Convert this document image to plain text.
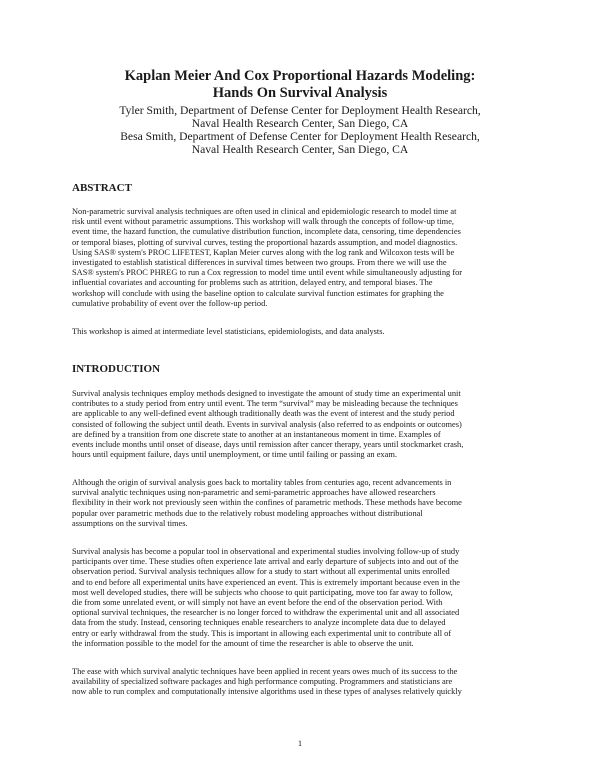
Kaplan Meier And Cox Proportional Hazards Modeling:
Hands On Survival Analysis
Tyler Smith, Department of Defense Center for Deployment Health Research,
Naval Health Research Center, San Diego, CA
Besa Smith, Department of Defense Center for Deployment Health Research,
Naval Health Research Center, San Diego, CA
ABSTRACT
Non-parametric survival analysis techniques are often used in clinical and epidemiologic research to model time at
risk until event without parametric assumptions. This workshop will walk through the concepts of follow-up time,
event time, the hazard function, the cumulative distribution function, incomplete data, censoring, time dependencies
or temporal biases, plotting of survival curves, testing the proportional hazards assumption, and model diagnostics.
Using SAS® system's PROC LIFETEST, Kaplan Meier curves along with the log rank and Wilcoxon tests will be
investigated to establish statistical differences in survival times between two groups. From there we will use the
SAS® system's PROC PHREG to run a Cox regression to model time until event while simultaneously adjusting for
influential covariates and accounting for problems such as attrition, delayed entry, and temporal biases. The
workshop will conclude with using the baseline option to calculate survival function estimates for graphing the
cumulative probability of event over the follow-up period.
This workshop is aimed at intermediate level statisticians, epidemiologists, and data analysts.
INTRODUCTION
Survival analysis techniques employ methods designed to investigate the amount of study time an experimental unit
contributes to a study period from entry until event. The term “survival” may be misleading because the techniques
are applicable to any well-defined event although traditionally death was the event of interest and the study period
consisted of following the subject until death. Events in survival analysis (also referred to as endpoints or outcomes)
are defined by a transition from one discrete state to another at an instantaneous moment in time. Examples of
events include months until onset of disease, days until remission after cancer therapy, years until stockmarket crash,
hours until equipment failure, days until unemployment, or time until failing or passing an exam.
Although the origin of survival analysis goes back to mortality tables from centuries ago, recent advancements in
survival analytic techniques using non-parametric and semi-parametric approaches have allowed researchers
flexibility in their work not previously seen within the confines of parametric methods. These methods have become
popular over parametric methods due to the relatively robust modeling approaches without distributional
assumptions on the survival times.
Survival analysis has become a popular tool in observational and experimental studies involving follow-up of study
participants over time. These studies often experience late arrival and early departure of subjects into and out of the
observation period. Survival analysis techniques allow for a study to start without all experimental units enrolled
and to end before all experimental units have experienced an event. This is extremely important because even in the
most well developed studies, there will be subjects who choose to quit participating, move too far away to follow,
die from some unrelated event, or will simply not have an event before the end of the observation period. With
optional survival techniques, the researcher is no longer forced to withdraw the experimental unit and all associated
data from the study. Instead, censoring techniques enable researchers to analyze incomplete data due to delayed
entry or early withdrawal from the study. This is important in allowing each experimental unit to contribute all of
the information possible to the model for the amount of time the researcher is able to observe the unit.
The ease with which survival analytic techniques have been applied in recent years owes much of its success to the
availability of specialized software packages and high performance computing. Programmers and statisticians are
now able to run complex and computationally intensive algorithms used in these types of analyses relatively quickly
1
